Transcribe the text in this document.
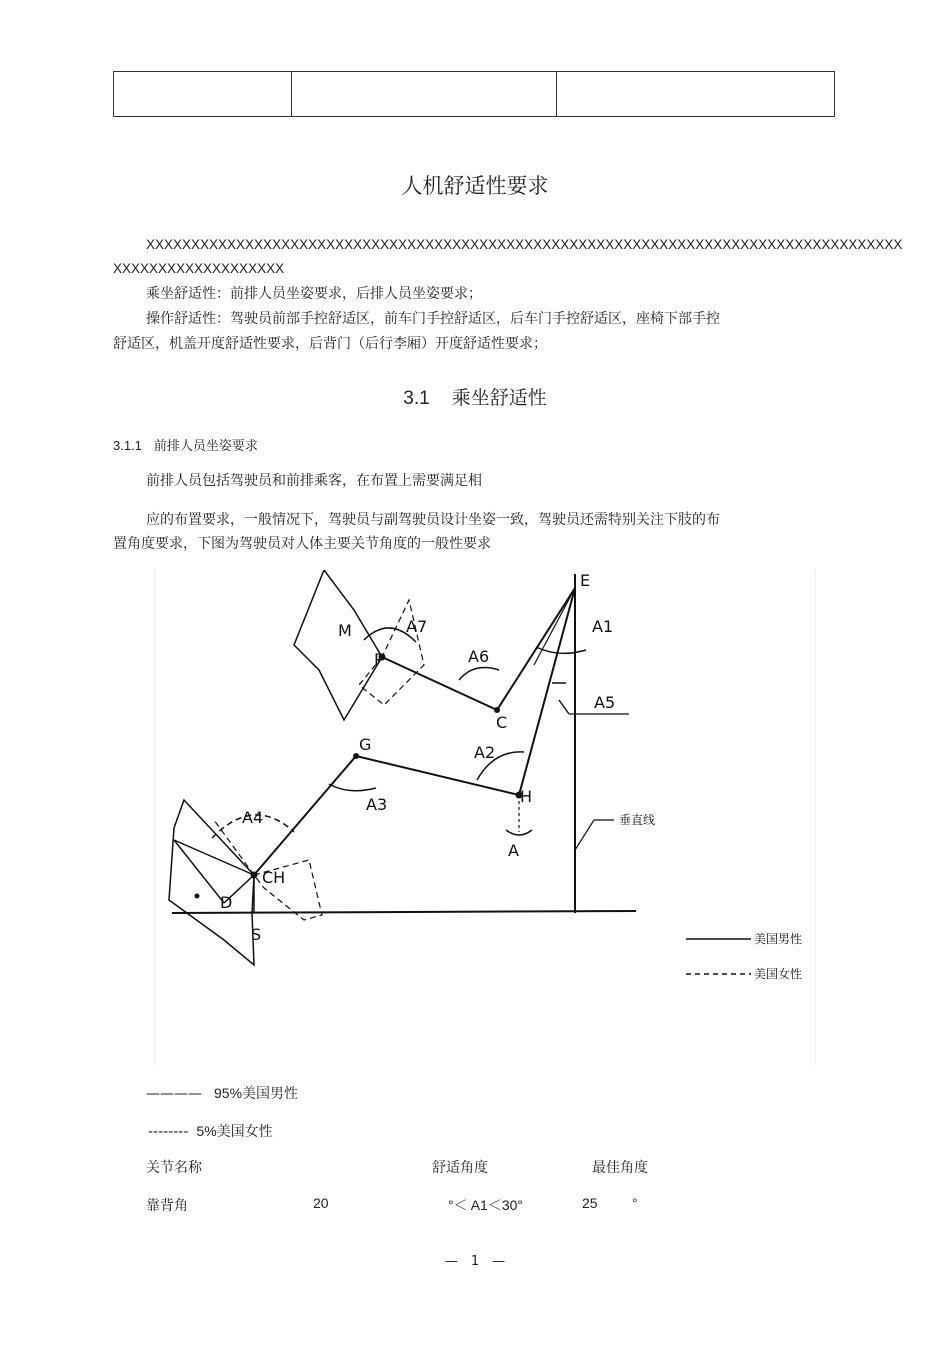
人机舒适性要求
XXXXXXXXXXXXXXXXXXXXXXXXXXXXXXXXXXXXXXXXXXXXXXXXXXXXXXXXXXXXXXXXXXXXXXXXXXXXXXXXXXXX
XXXXXXXXXXXXXXXXXXX
乘坐舒适性：前排人员坐姿要求，后排人员坐姿要求；
操作舒适性：驾驶员前部手控舒适区，前车门手控舒适区，后车门手控舒适区，座椅下部手控
舒适区，机盖开度舒适性要求，后背门（后行李厢）开度舒适性要求；
3.1 乘坐舒适性
3.1.1 前排人员坐姿要求
前排人员包括驾驶员和前排乘客，在布置上需要满足相
应的布置要求，一般情况下，驾驶员与副驾驶员设计坐姿一致，驾驶员还需特别关注下肢的布
置角度要求，下图为驾驶员对人体主要关节角度的一般性要求
E
A1
A5
M	A7
P	A6
C
G	A2
A3	H
A
A4
CH
D
S
垂直线
美国男性
美国女性
———— 95%美国男性
-------- 5%美国女性
关节名称	舒适角度	最佳角度
靠背角	20	°＜ A1＜30°	25 °
—　1　—
